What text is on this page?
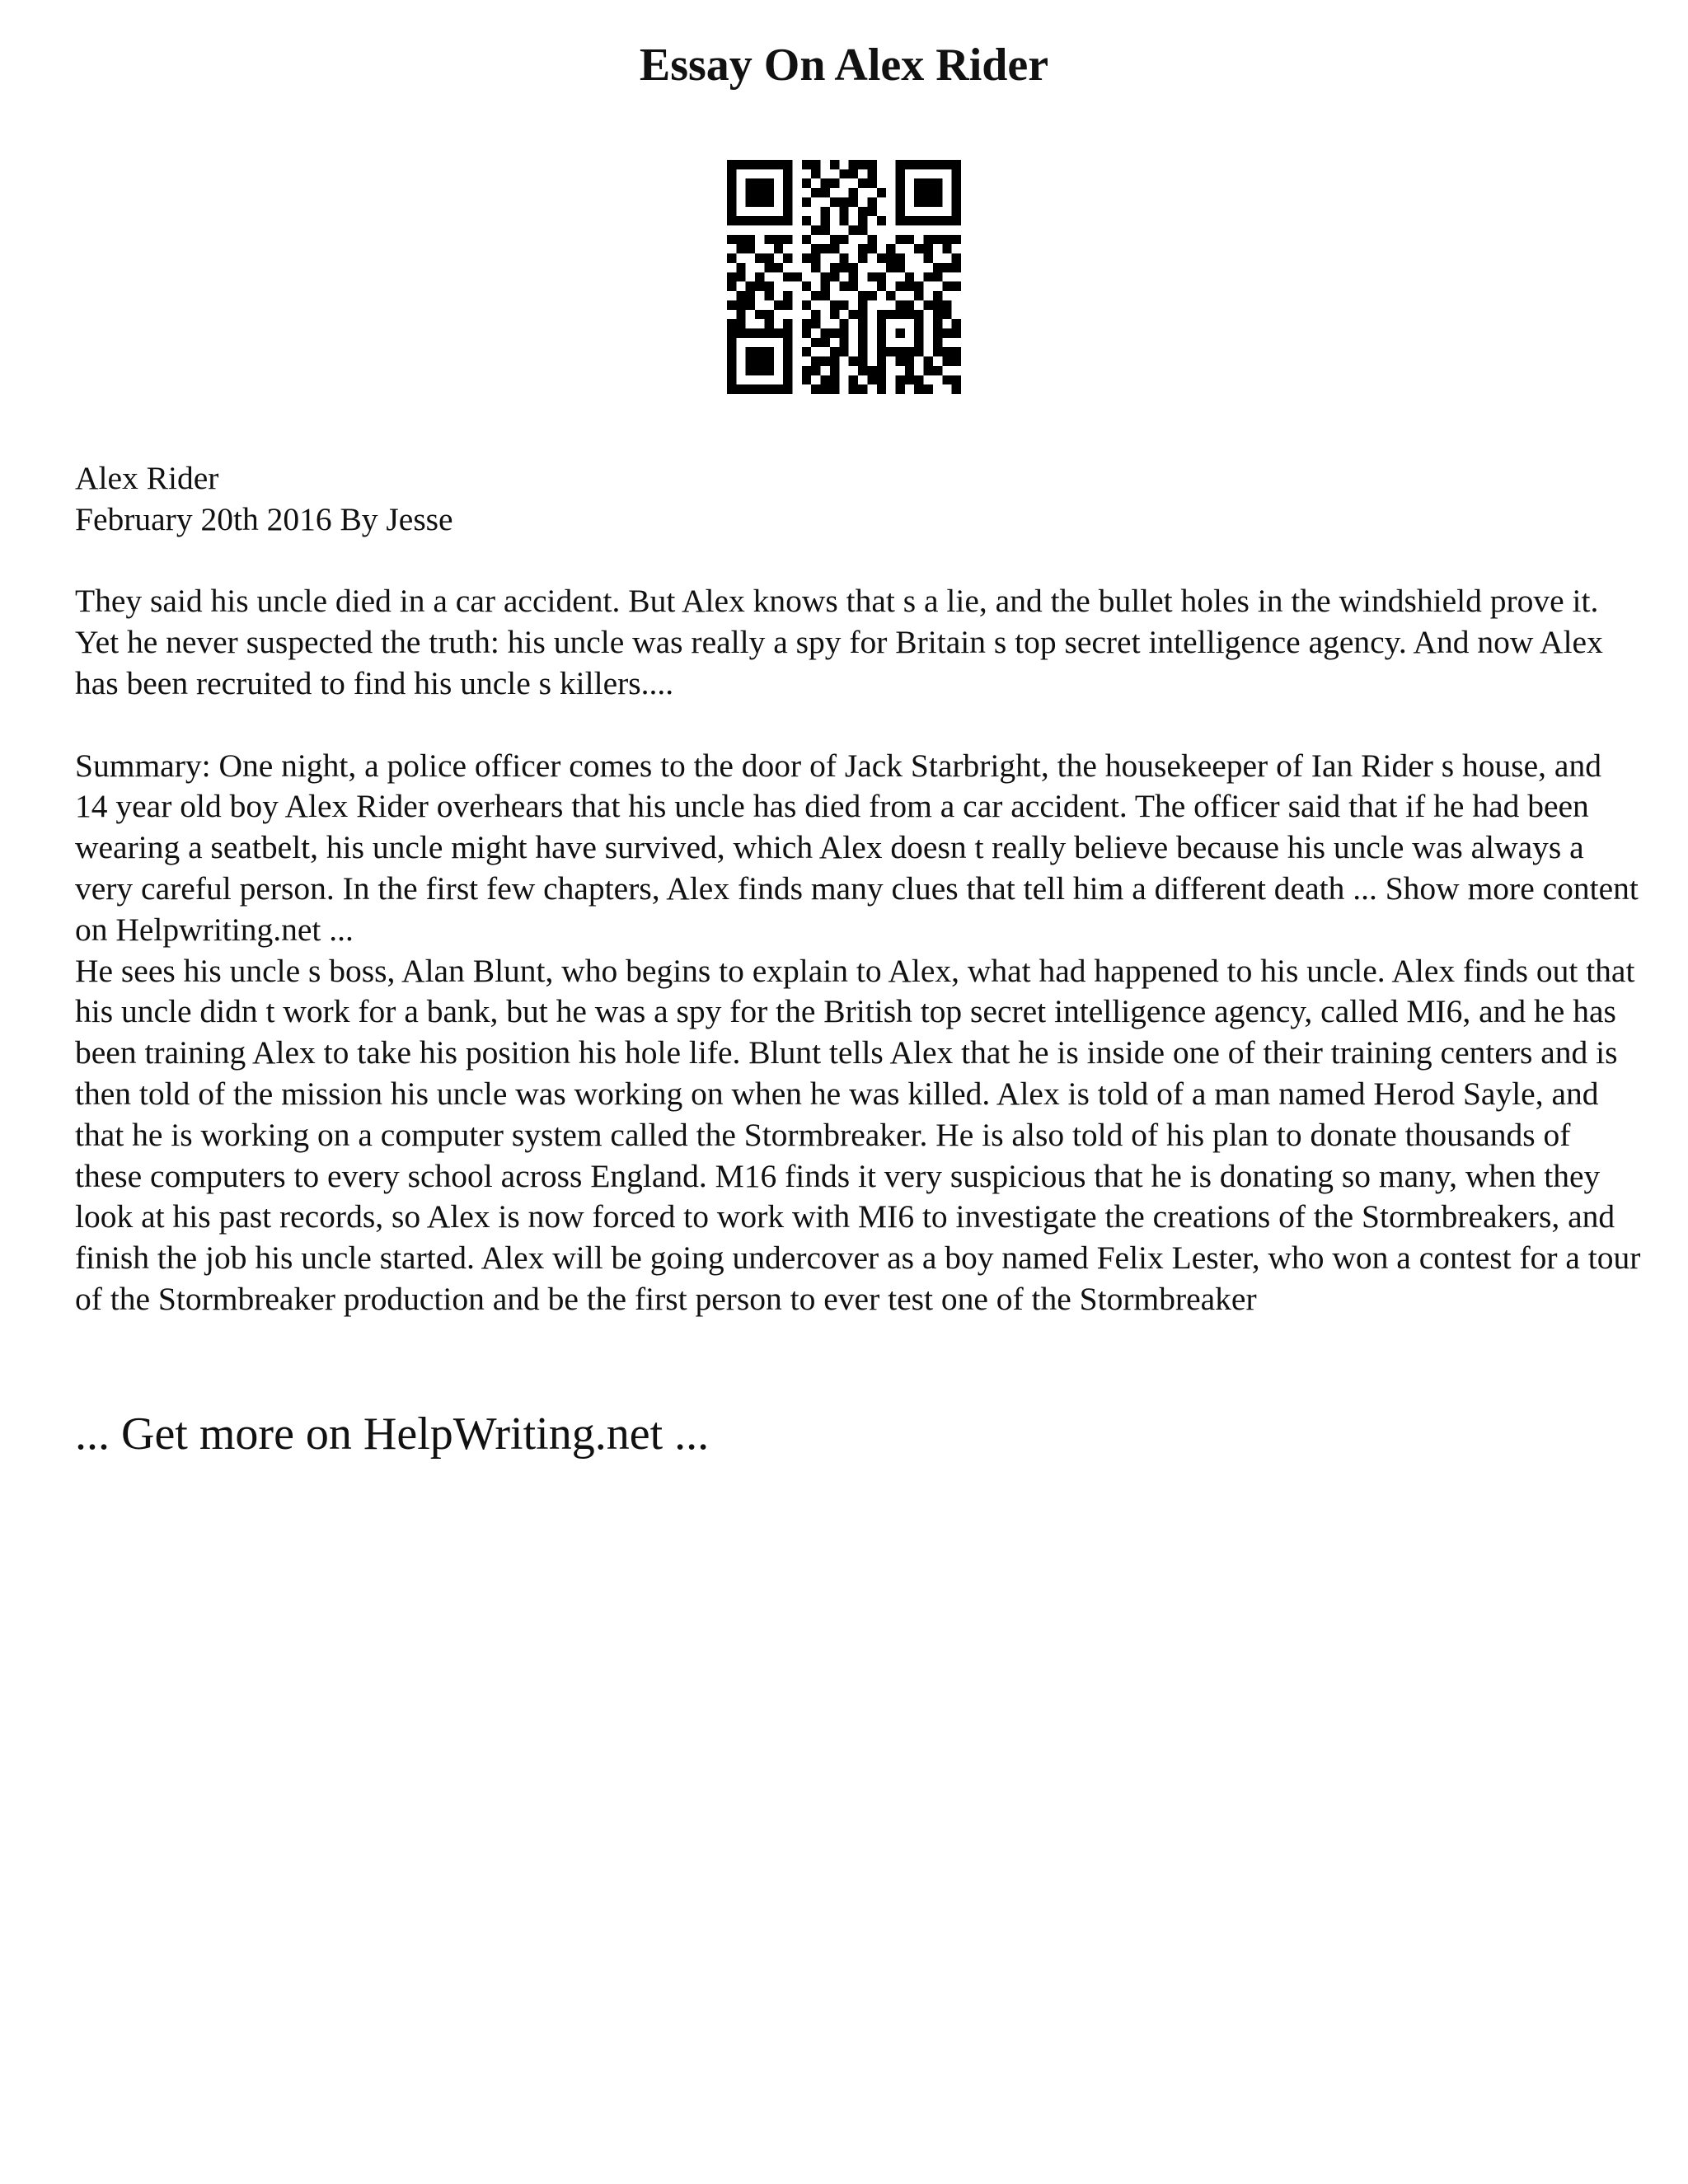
Essay On Alex Rider

Alex Rider

February 20th 2016 By Jesse

They said his uncle died in a car accident. But Alex knows that s a lie, and the bullet holes in the windshield prove it. Yet he never suspected the truth: his uncle was really a spy for Britain s top secret intelligence agency. And now Alex has been recruited to find his uncle s killers....

Summary: One night, a police officer comes to the door of Jack Starbright, the housekeeper of Ian Rider s house, and 14 year old boy Alex Rider overhears that his uncle has died from a car accident. The officer said that if he had been wearing a seatbelt, his uncle might have survived, which Alex doesn t really believe because his uncle was always a very careful person. In the first few chapters, Alex finds many clues that tell him a different death ... Show more content on Helpwriting.net ...

He sees his uncle s boss, Alan Blunt, who begins to explain to Alex, what had happened to his uncle. Alex finds out that his uncle didn t work for a bank, but he was a spy for the British top secret intelligence agency, called MI6, and he has been training Alex to take his position his hole life. Blunt tells Alex that he is inside one of their training centers and is then told of the mission his uncle was working on when he was killed. Alex is told of a man named Herod Sayle, and that he is working on a computer system called the Stormbreaker. He is also told of his plan to donate thousands of these computers to every school across England. M16 finds it very suspicious that he is donating so many, when they look at his past records, so Alex is now forced to work with MI6 to investigate the creations of the Stormbreakers, and finish the job his uncle started. Alex will be going undercover as a boy named Felix Lester, who won a contest for a tour of the Stormbreaker production and be the first person to ever test one of the Stormbreaker

... Get more on HelpWriting.net ...
